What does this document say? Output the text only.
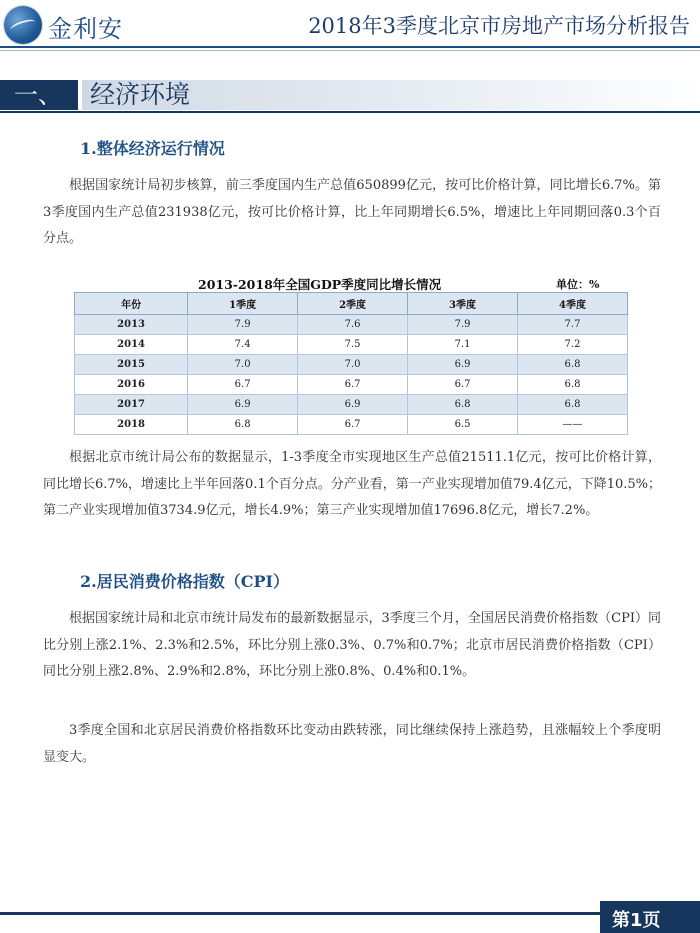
金利安	2018年3季度北京市房地产市场分析报告
一、	经济环境
1.整体经济运行情况

根据国家统计局初步核算，前三季度国内生产总值650899亿元，按可比价格计算，同比增长6.7%。第3季度国内生产总值231938亿元，按可比价格计算，比上年同期增长6.5%，增速比上年同期回落0.3个百分点。

2013-2018年全国GDP季度同比增长情况	单位：%
年份	1季度	2季度	3季度	4季度
2013	7.9	7.6	7.9	7.7
2014	7.4	7.5	7.1	7.2
2015	7.0	7.0	6.9	6.8
2016	6.7	6.7	6.7	6.8
2017	6.9	6.9	6.8	6.8
2018	6.8	6.7	6.5	——

根据北京市统计局公布的数据显示，1-3季度全市实现地区生产总值21511.1亿元，按可比价格计算，同比增长6.7%，增速比上半年回落0.1个百分点。分产业看，第一产业实现增加值79.4亿元，下降10.5%；第二产业实现增加值3734.9亿元，增长4.9%；第三产业实现增加值17696.8亿元，增长7.2%。

2.居民消费价格指数（CPI）

根据国家统计局和北京市统计局发布的最新数据显示，3季度三个月，全国居民消费价格指数（CPI）同比分别上涨2.1%、2.3%和2.5%，环比分别上涨0.3%、0.7%和0.7%；北京市居民消费价格指数（CPI）同比分别上涨2.8%、2.9%和2.8%，环比分别上涨0.8%、0.4%和0.1%。

3季度全国和北京居民消费价格指数环比变动由跌转涨，同比继续保持上涨趋势，且涨幅较上个季度明显变大。

第1页
